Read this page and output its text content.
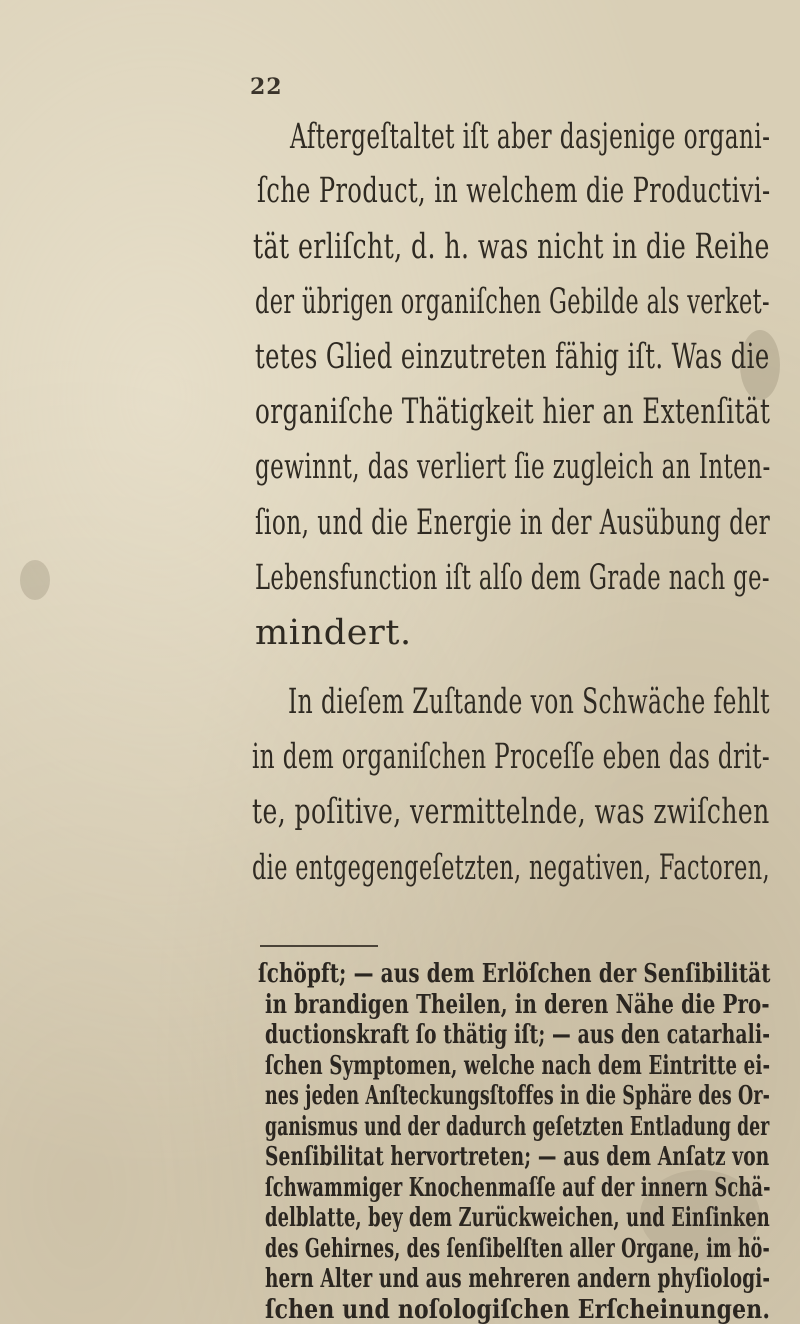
22
Aftergeſtaltet iſt aber dasjenige organi-
ſche Product, in welchem die Productivi-
tät erliſcht, d. h. was nicht in die Reihe
der übrigen organiſchen Gebilde als verket-
tetes Glied einzutreten fähig iſt. Was die
organiſche Thätigkeit hier an Extenſität
gewinnt, das verliert ſie zugleich an Inten-
ſion, und die Energie in der Ausübung der
Lebensfunction iſt alſo dem Grade nach ge-
mindert.
In dieſem Zuſtande von Schwäche fehlt
in dem organiſchen Proceſſe eben das drit-
te, poſitive, vermittelnde, was zwiſchen
die entgegengeſetzten, negativen, Factoren,
ſchöpft; — aus dem Erlöſchen der Senſibilität
in brandigen Theilen, in deren Nähe die Pro-
ductionskraft ſo thätig iſt; — aus den catarhali-
ſchen Symptomen, welche nach dem Eintritte ei-
nes jeden Anſteckungsſtoffes in die Sphäre des Or-
ganismus und der dadurch geſetzten Entladung der
Senſibilitat hervortreten; — aus dem Anſatz von
ſchwammiger Knochenmaſſe auf der innern Schä-
delblatte, bey dem Zurückweichen, und Einſinken
des Gehirnes, des ſenſibelſten aller Organe, im hö-
hern Alter und aus mehreren andern phyſiologi-
ſchen und noſologiſchen Erſcheinungen.
